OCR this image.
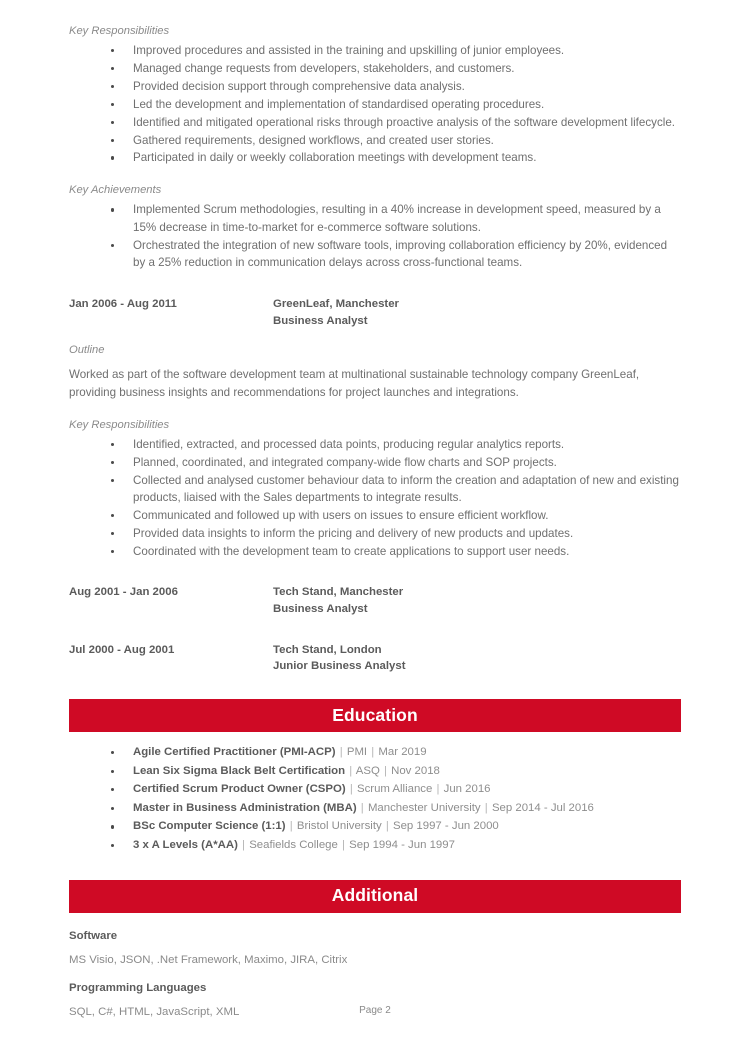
Key Responsibilities
Improved procedures and assisted in the training and upskilling of junior employees.
Managed change requests from developers, stakeholders, and customers.
Provided decision support through comprehensive data analysis.
Led the development and implementation of standardised operating procedures.
Identified and mitigated operational risks through proactive analysis of the software development lifecycle.
Gathered requirements, designed workflows, and created user stories.
Participated in daily or weekly collaboration meetings with development teams.
Key Achievements
Implemented Scrum methodologies, resulting in a 40% increase in development speed, measured by a 15% decrease in time-to-market for e-commerce software solutions.
Orchestrated the integration of new software tools, improving collaboration efficiency by 20%, evidenced by a 25% reduction in communication delays across cross-functional teams.
Jan 2006 - Aug 2011	GreenLeaf, Manchester
Business Analyst
Outline
Worked as part of the software development team at multinational sustainable technology company GreenLeaf, providing business insights and recommendations for project launches and integrations.
Key Responsibilities
Identified, extracted, and processed data points, producing regular analytics reports.
Planned, coordinated, and integrated company-wide flow charts and SOP projects.
Collected and analysed customer behaviour data to inform the creation and adaptation of new and existing products, liaised with the Sales departments to integrate results.
Communicated and followed up with users on issues to ensure efficient workflow.
Provided data insights to inform the pricing and delivery of new products and updates.
Coordinated with the development team to create applications to support user needs.
Aug 2001 - Jan 2006	Tech Stand, Manchester
Business Analyst
Jul 2000 - Aug 2001	Tech Stand, London
Junior Business Analyst
Education
Agile Certified Practitioner (PMI-ACP) | PMI | Mar 2019
Lean Six Sigma Black Belt Certification | ASQ | Nov 2018
Certified Scrum Product Owner (CSPO) | Scrum Alliance | Jun 2016
Master in Business Administration (MBA) | Manchester University | Sep 2014 - Jul 2016
BSc Computer Science (1:1) | Bristol University | Sep 1997 - Jun 2000
3 x A Levels (A*AA) | Seafields College | Sep 1994 - Jun 1997
Additional
Software
MS Visio, JSON, .Net Framework, Maximo, JIRA, Citrix
Programming Languages
SQL, C#, HTML, JavaScript, XML	Page 2
